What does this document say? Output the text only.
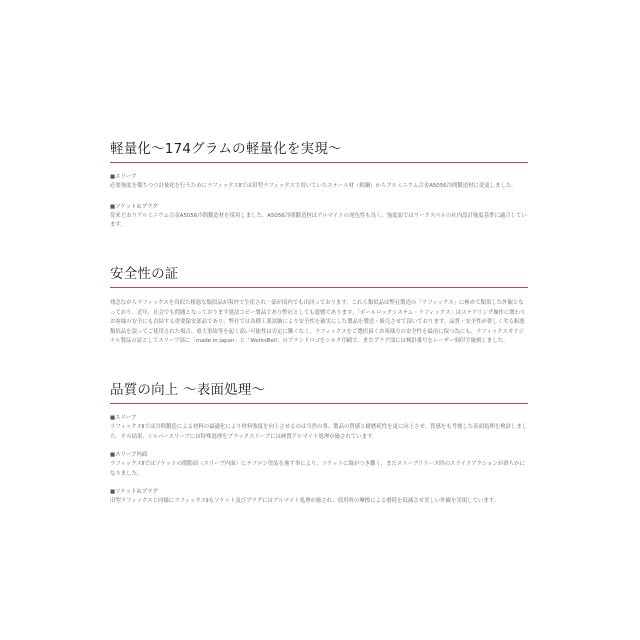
軽量化〜174グラムの軽量化を実現〜
■スリーブ
必要強度を備ちつつ計量化を行うためにラフィックスⅡでは旧型ラフィックスで用いていたステール材（軟鋼）からアルミニウム合金A5056冷間鍛造材に変更しました。
■ソケット＆プラグ
従来どおりアルミニウム合金A5056冷間鍛造材を採用しました。A5056冷間鍛造材はアルマイトの発色性も良く、強度面ではワークスペルの社内設計強度基準に適合しています。
安全性の証
残念ながらラフィックスを真似た粗悪な類似品が海外で生産され一部が国内でも出回っております。これら類似品は弊社製造の「ラフィックス」に極めて類似した外観となっており、近年、社会でも問題となっております違法コピー製品であり弊社としても遺憾であります。「ボールロックシステム・ラフィックス」はステアリング操作に関わりお客様の安全にも直結する重要保安部品であり、弊社では各種工業試験により安全性を確実にした製品を製造・販売させて頂いております。品質・安全性が著しく劣る粗悪類似品を誤ってご使用された場合、重大事故等を起く高い可能性は否定に難くなく、ラフィックスをご選択頂くお客様方の安全性を最前に保つ為にも、ラフィックスオリジナル製品の証としてスリーブ部に「made in japan」と「WorksBell」のブランドロゴをシルク印刷で、またプラグ部には検針番号をレーザー刻印で施刻しました。
品質の向上 〜表面処理〜
■スリーブ
ラフィックスⅡでは冷間鍛造による材料の最適化により材料強度を向上させるのは当然の事、製品の質感と耐磨耗性を更に向上させ、質感をも考慮した表面処理を検討しました。その結果、シルバースリーブには特殊処理をブラックスリーブには硬質アルマイト処理が施されています。
■スリーブ内面
ラフィックスⅡではソケットの摺動面（スリーブ内面）にテフロン塗装を施す事により、ソケットに傷がつき難く、またスリーブリリース時のスライドアクションが滑らかになりました。
■ソケット＆プラグ
旧型ラフィックスと同様にラフィックスⅡもソケット及びプラグにはアルマイト処理が施され、使用時の摩擦による磨耗を低減させ美しい外観を実現しています。
